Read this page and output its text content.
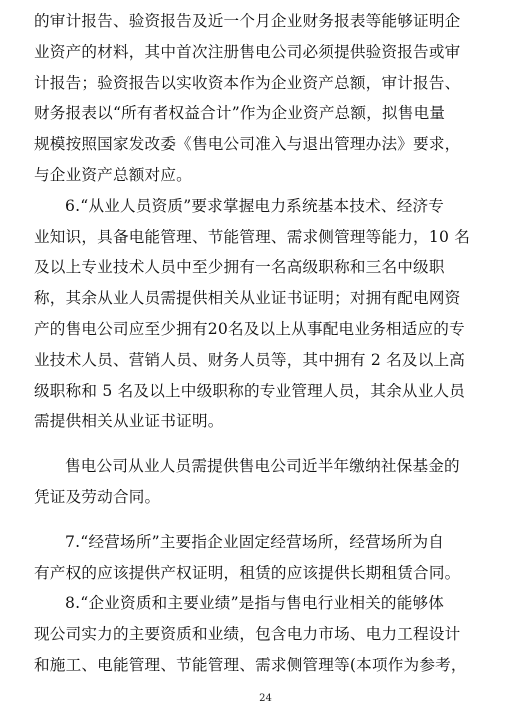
的审计报告、验资报告及近一个月企业财务报表等能够证明企
业资产的材料，其中首次注册售电公司必须提供验资报告或审
计报告；验资报告以实收资本作为企业资产总额，审计报告、
财务报表以“所有者权益合计”作为企业资产总额，拟售电量
规模按照国家发改委《售电公司准入与退出管理办法》要求，
与企业资产总额对应。
6.“从业人员资质”要求掌握电力系统基本技术、经济专
业知识，具备电能管理、节能管理、需求侧管理等能力，10 名
及以上专业技术人员中至少拥有一名高级职称和三名中级职
称，其余从业人员需提供相关从业证书证明；对拥有配电网资
产的售电公司应至少拥有20名及以上从事配电业务相适应的专
业技术人员、营销人员、财务人员等，其中拥有 2 名及以上高
级职称和 5 名及以上中级职称的专业管理人员，其余从业人员
需提供相关从业证书证明。
售电公司从业人员需提供售电公司近半年缴纳社保基金的
凭证及劳动合同。
7.“经营场所”主要指企业固定经营场所，经营场所为自
有产权的应该提供产权证明，租赁的应该提供长期租赁合同。
8.“企业资质和主要业绩”是指与售电行业相关的能够体
现公司实力的主要资质和业绩，包含电力市场、电力工程设计
和施工、电能管理、节能管理、需求侧管理等(本项作为参考，
24
